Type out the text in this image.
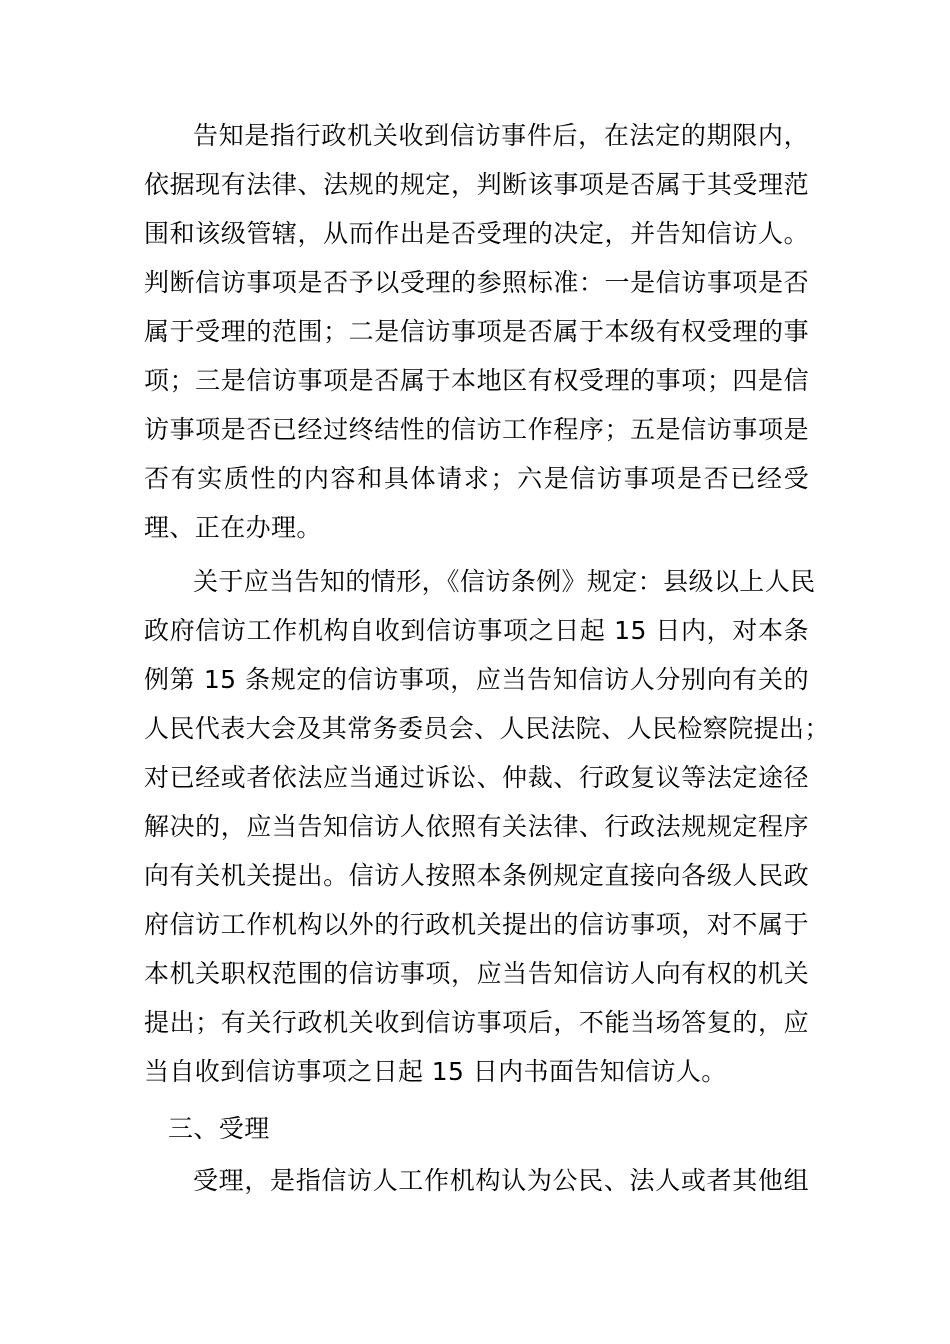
告知是指行政机关收到信访事件后，在法定的期限内，
依据现有法律、法规的规定，判断该事项是否属于其受理范
围和该级管辖，从而作出是否受理的决定，并告知信访人。
判断信访事项是否予以受理的参照标准：一是信访事项是否
属于受理的范围；二是信访事项是否属于本级有权受理的事
项；三是信访事项是否属于本地区有权受理的事项；四是信
访事项是否已经过终结性的信访工作程序；五是信访事项是
否有实质性的内容和具体请求；六是信访事项是否已经受
理、正在办理。
关于应当告知的情形，《信访条例》规定：县级以上人民
政府信访工作机构自收到信访事项之日起 15 日内，对本条
例第 15 条规定的信访事项，应当告知信访人分别向有关的
人民代表大会及其常务委员会、人民法院、人民检察院提出；
对已经或者依法应当通过诉讼、仲裁、行政复议等法定途径
解决的，应当告知信访人依照有关法律、行政法规规定程序
向有关机关提出。信访人按照本条例规定直接向各级人民政
府信访工作机构以外的行政机关提出的信访事项，对不属于
本机关职权范围的信访事项，应当告知信访人向有权的机关
提出；有关行政机关收到信访事项后，不能当场答复的，应
当自收到信访事项之日起 15 日内书面告知信访人。
三、受理
受理，是指信访人工作机构认为公民、法人或者其他组
